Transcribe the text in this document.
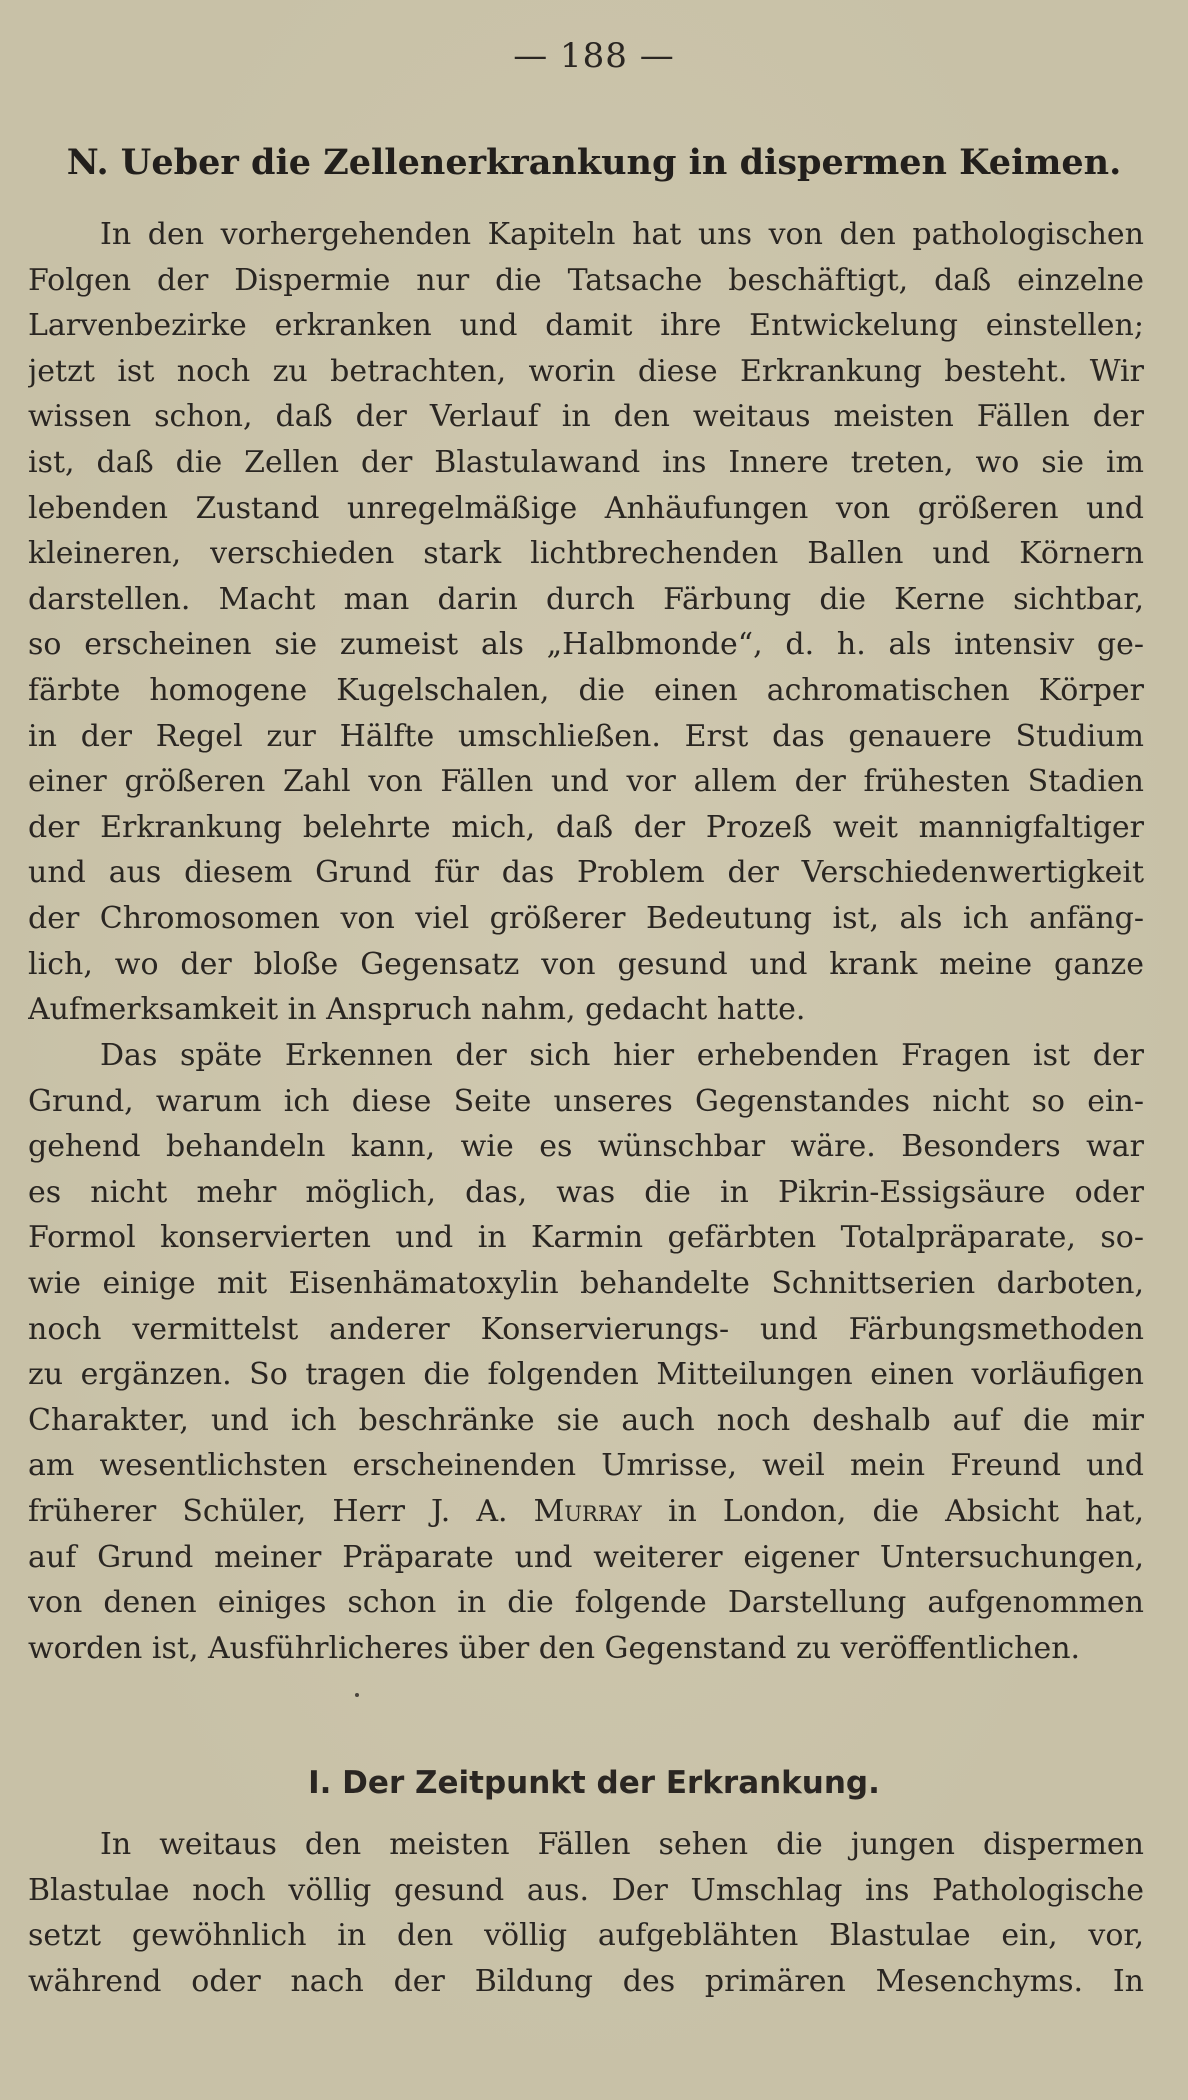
— 188 —
N. Ueber die Zellenerkrankung in dispermen Keimen.

In den vorhergehenden Kapiteln hat uns von den pathologischen
Folgen der Dispermie nur die Tatsache beschäftigt, daß einzelne
Larvenbezirke erkranken und damit ihre Entwickelung einstellen;
jetzt ist noch zu betrachten, worin diese Erkrankung besteht. Wir
wissen schon, daß der Verlauf in den weitaus meisten Fällen der
ist, daß die Zellen der Blastulawand ins Innere treten, wo sie im
lebenden Zustand unregelmäßige Anhäufungen von größeren und
kleineren, verschieden stark lichtbrechenden Ballen und Körnern
darstellen. Macht man darin durch Färbung die Kerne sichtbar,
so erscheinen sie zumeist als „Halbmonde“, d. h. als intensiv ge-
färbte homogene Kugelschalen, die einen achromatischen Körper
in der Regel zur Hälfte umschließen. Erst das genauere Studium
einer größeren Zahl von Fällen und vor allem der frühesten Stadien
der Erkrankung belehrte mich, daß der Prozeß weit mannigfaltiger
und aus diesem Grund für das Problem der Verschiedenwertigkeit
der Chromosomen von viel größerer Bedeutung ist, als ich anfäng-
lich, wo der bloße Gegensatz von gesund und krank meine ganze
Aufmerksamkeit in Anspruch nahm, gedacht hatte.

Das späte Erkennen der sich hier erhebenden Fragen ist der
Grund, warum ich diese Seite unseres Gegenstandes nicht so ein-
gehend behandeln kann, wie es wünschbar wäre. Besonders war
es nicht mehr möglich, das, was die in Pikrin-Essigsäure oder
Formol konservierten und in Karmin gefärbten Totalpräparate, so-
wie einige mit Eisenhämatoxylin behandelte Schnittserien darboten,
noch vermittelst anderer Konservierungs- und Färbungsmethoden
zu ergänzen. So tragen die folgenden Mitteilungen einen vorläufigen
Charakter, und ich beschränke sie auch noch deshalb auf die mir
am wesentlichsten erscheinenden Umrisse, weil mein Freund und
früherer Schüler, Herr J. A. Murray in London, die Absicht hat,
auf Grund meiner Präparate und weiterer eigener Untersuchungen,
von denen einiges schon in die folgende Darstellung aufgenommen
worden ist, Ausführlicheres über den Gegenstand zu veröffentlichen.

I. Der Zeitpunkt der Erkrankung.

In weitaus den meisten Fällen sehen die jungen dispermen
Blastulae noch völlig gesund aus. Der Umschlag ins Pathologische
setzt gewöhnlich in den völlig aufgeblähten Blastulae ein, vor,
während oder nach der Bildung des primären Mesenchyms. In
